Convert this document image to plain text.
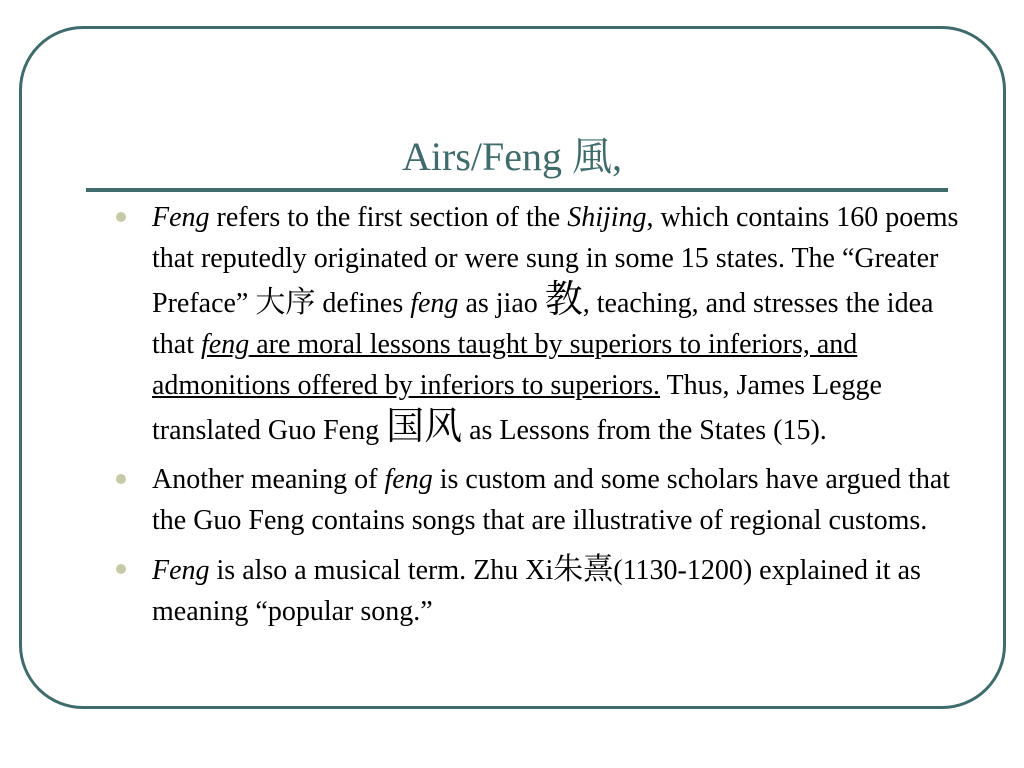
Airs/Feng 風,
Feng refers to the first section of the Shijing, which contains 160 poems that reputedly originated or were sung in some 15 states. The “Greater Preface” 大序 defines feng as jiao 教, teaching, and stresses the idea that feng are moral lessons taught by superiors to inferiors, and admonitions offered by inferiors to superiors. Thus, James Legge translated Guo Feng 国风 as Lessons from the States (15).
Another meaning of feng is custom and some scholars have argued that the Guo Feng contains songs that are illustrative of regional customs.
Feng is also a musical term. Zhu Xi朱熹(1130-1200) explained it as meaning “popular song.”
